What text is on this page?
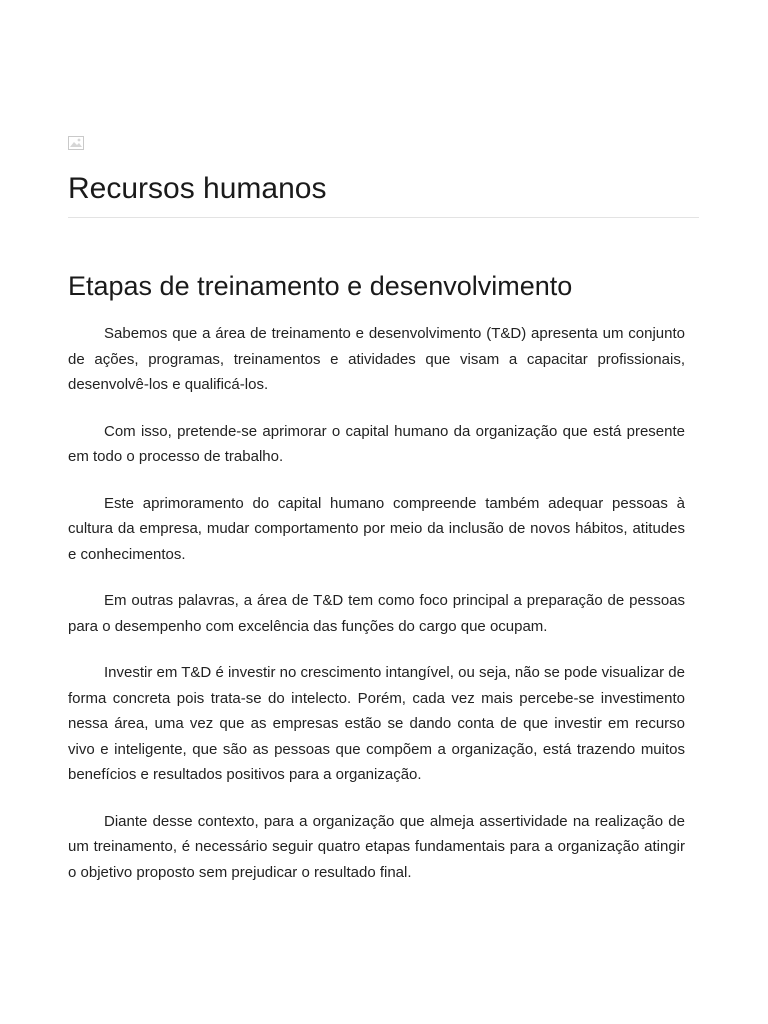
Recursos humanos
Etapas de treinamento e desenvolvimento

Sabemos que a área de treinamento e desenvolvimento (T&D) apresenta um conjunto de ações, programas, treinamentos e atividades que visam a capacitar profissionais, desenvolvê-los e qualificá-los.

Com isso, pretende-se aprimorar o capital humano da organização que está presente em todo o processo de trabalho.

Este aprimoramento do capital humano compreende também adequar pessoas à cultura da empresa, mudar comportamento por meio da inclusão de novos hábitos, atitudes e conhecimentos.

Em outras palavras, a área de T&D tem como foco principal a preparação de pessoas para o desempenho com excelência das funções do cargo que ocupam.

Investir em T&D é investir no crescimento intangível, ou seja, não se pode visualizar de forma concreta pois trata-se do intelecto. Porém, cada vez mais percebe-se investimento nessa área, uma vez que as empresas estão se dando conta de que investir em recurso vivo e inteligente, que são as pessoas que compõem a organização, está trazendo muitos benefícios e resultados positivos para a organização.

Diante desse contexto, para a organização que almeja assertividade na realização de um treinamento, é necessário seguir quatro etapas fundamentais para a organização atingir o objetivo proposto sem prejudicar o resultado final.
